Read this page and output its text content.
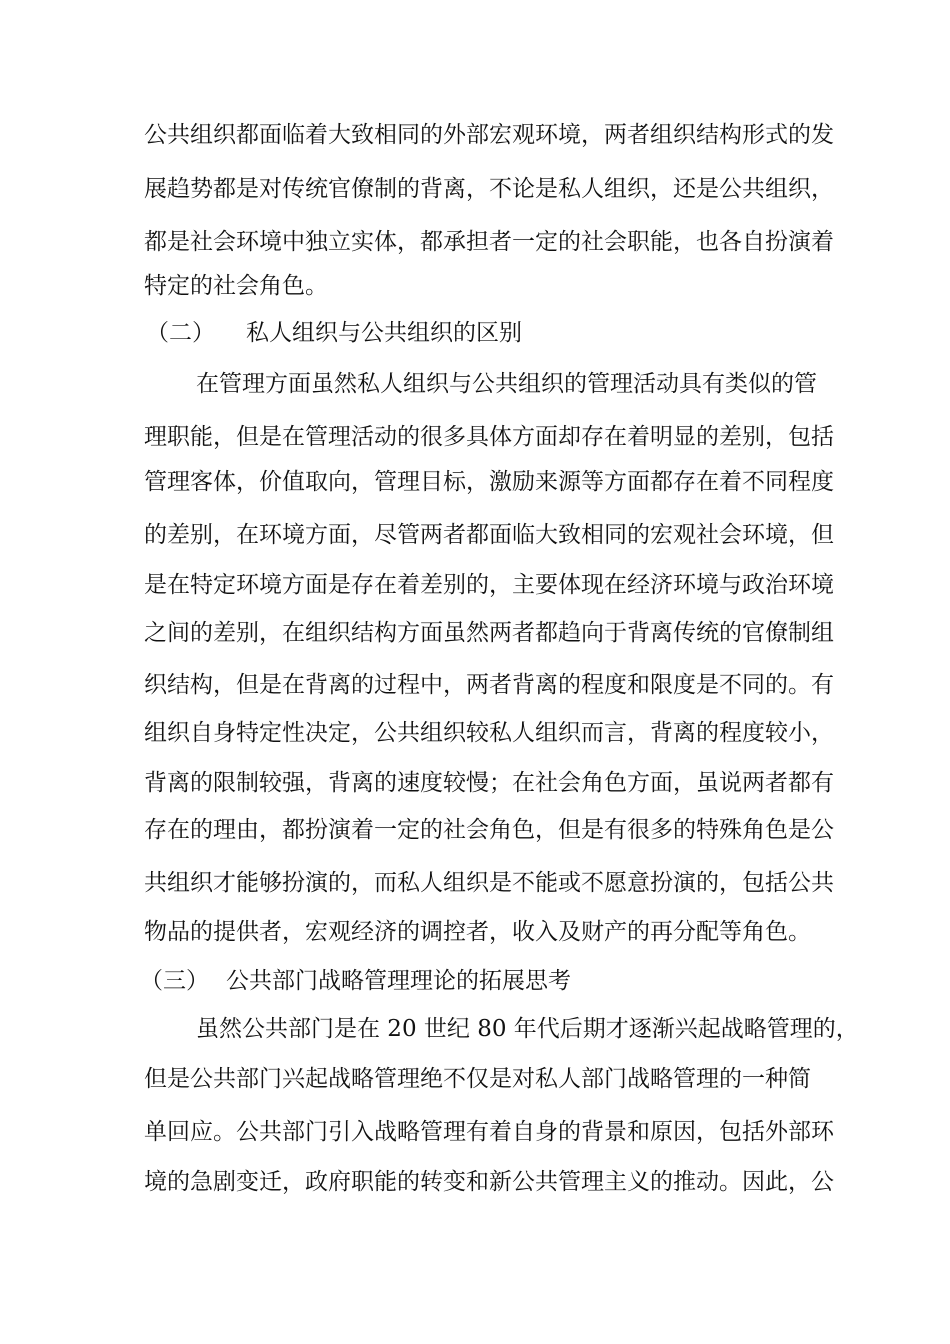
公共组织都面临着大致相同的外部宏观环境，两者组织结构形式的发
展趋势都是对传统官僚制的背离，不论是私人组织，还是公共组织，
都是社会环境中独立实体，都承担者一定的社会职能，也各自扮演着
特定的社会角色。
（二） 私人组织与公共组织的区别
在管理方面虽然私人组织与公共组织的管理活动具有类似的管
理职能，但是在管理活动的很多具体方面却存在着明显的差别，包括
管理客体，价值取向，管理目标，激励来源等方面都存在着不同程度
的差别，在环境方面，尽管两者都面临大致相同的宏观社会环境，但
是在特定环境方面是存在着差别的，主要体现在经济环境与政治环境
之间的差别，在组织结构方面虽然两者都趋向于背离传统的官僚制组
织结构，但是在背离的过程中，两者背离的程度和限度是不同的。有
组织自身特定性决定，公共组织较私人组织而言，背离的程度较小，
背离的限制较强，背离的速度较慢；在社会角色方面，虽说两者都有
存在的理由，都扮演着一定的社会角色，但是有很多的特殊角色是公
共组织才能够扮演的，而私人组织是不能或不愿意扮演的，包括公共
物品的提供者，宏观经济的调控者，收入及财产的再分配等角色。
（三） 公共部门战略管理理论的拓展思考
虽然公共部门是在 20 世纪 80 年代后期才逐渐兴起战略管理的，
但是公共部门兴起战略管理绝不仅是对私人部门战略管理的一种简
单回应。公共部门引入战略管理有着自身的背景和原因，包括外部环
境的急剧变迁，政府职能的转变和新公共管理主义的推动。因此，公
